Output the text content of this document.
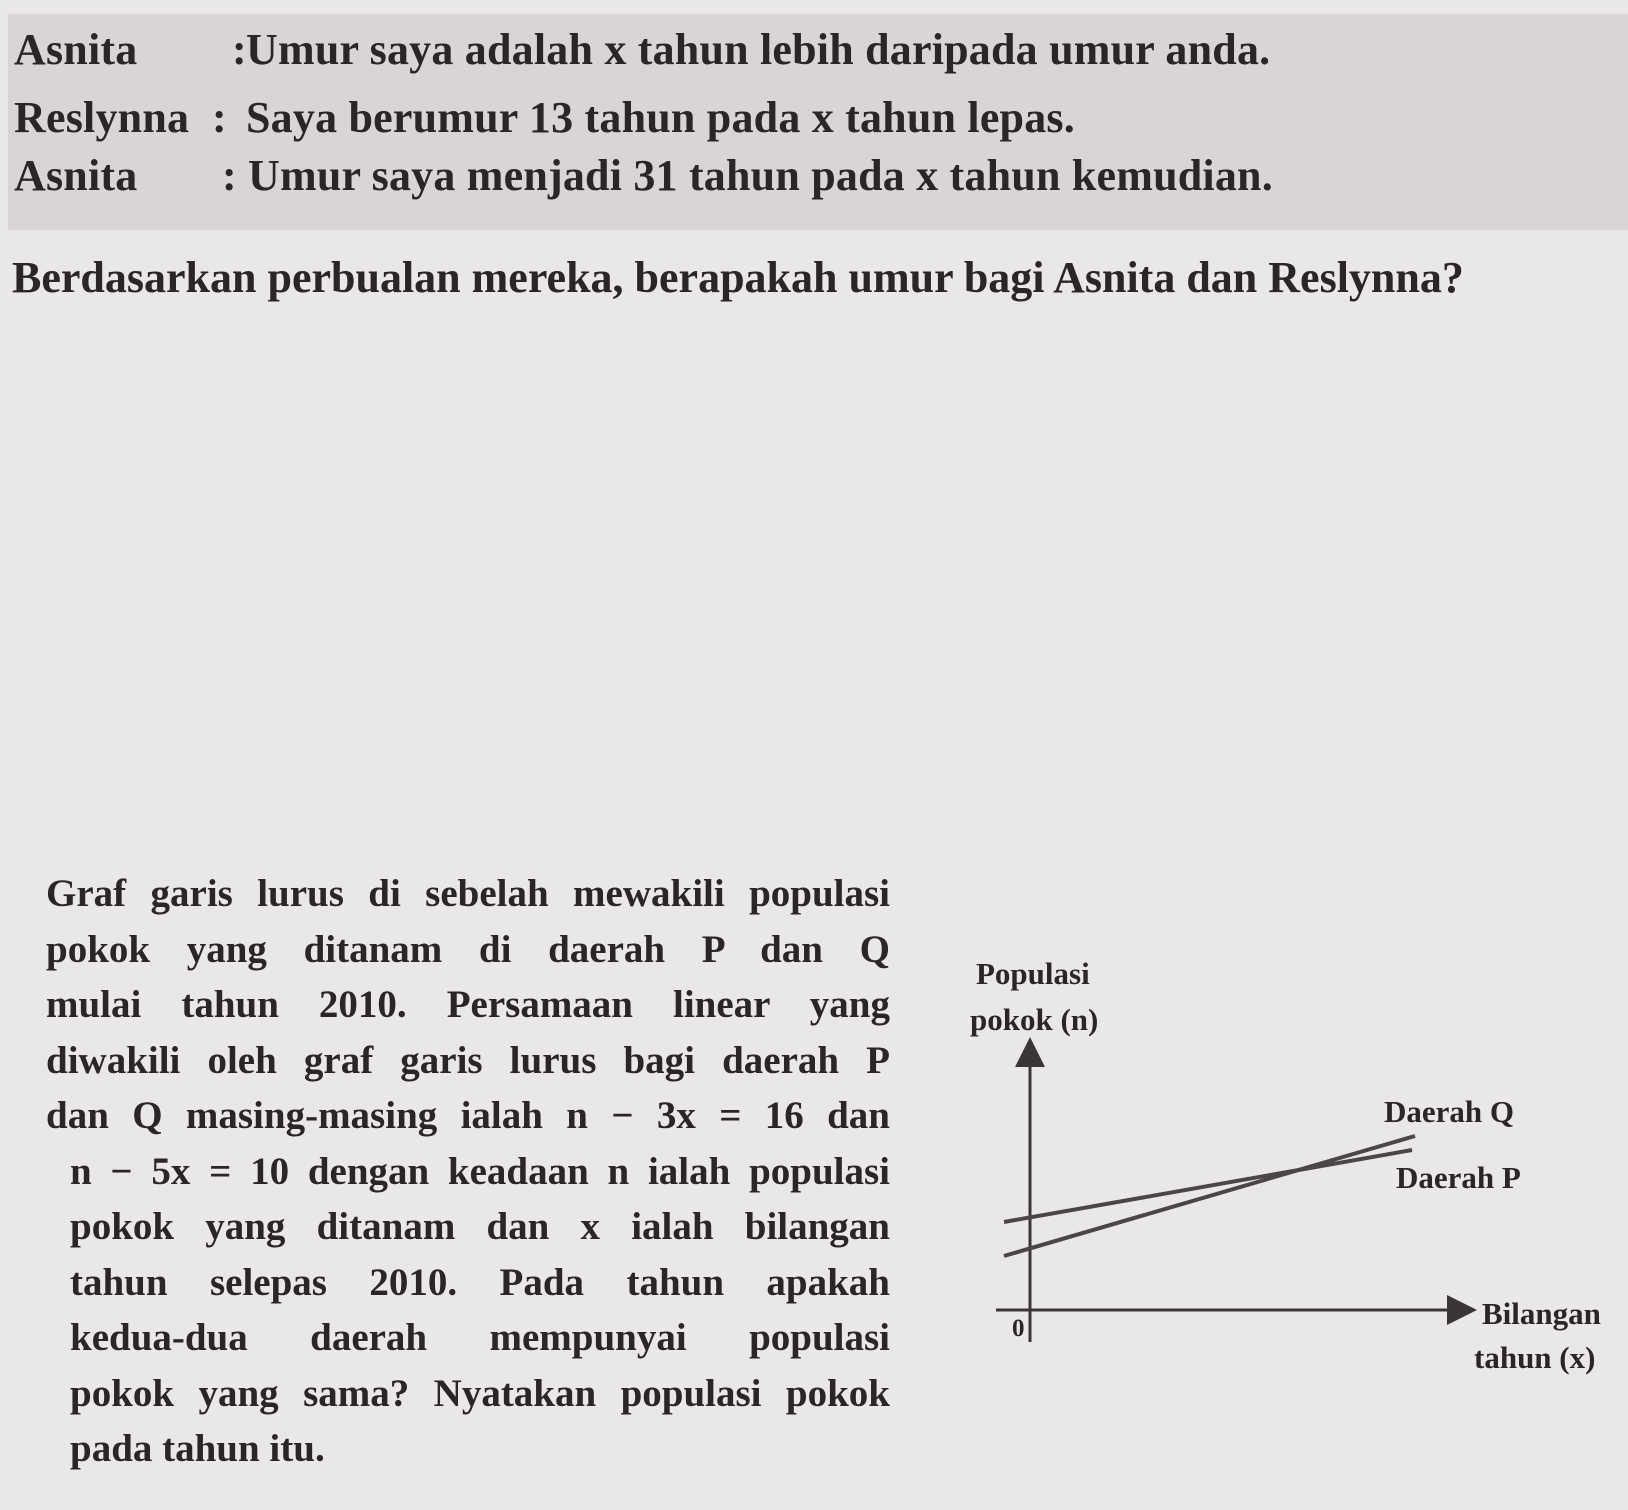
Asnita : Umur saya adalah x tahun lebih daripada umur anda.
Reslynna : Saya berumur 13 tahun pada x tahun lepas.
Asnita : Umur saya menjadi 31 tahun pada x tahun kemudian.
Berdasarkan perbualan mereka, berapakah umur bagi Asnita dan Reslynna?
Graf garis lurus di sebelah mewakili populasi
pokok yang ditanam di daerah P dan Q
mulai tahun 2010. Persamaan linear yang
diwakili oleh graf garis lurus bagi daerah P
dan Q masing-masing ialah n − 3x = 16 dan
n − 5x = 10 dengan keadaan n ialah populasi
pokok yang ditanam dan x ialah bilangan
tahun selepas 2010. Pada tahun apakah
kedua-dua daerah mempunyai populasi
pokok yang sama? Nyatakan populasi pokok
pada tahun itu.
Populasi
pokok (n)
0
Daerah Q
Daerah P
Bilangan
tahun (x)
